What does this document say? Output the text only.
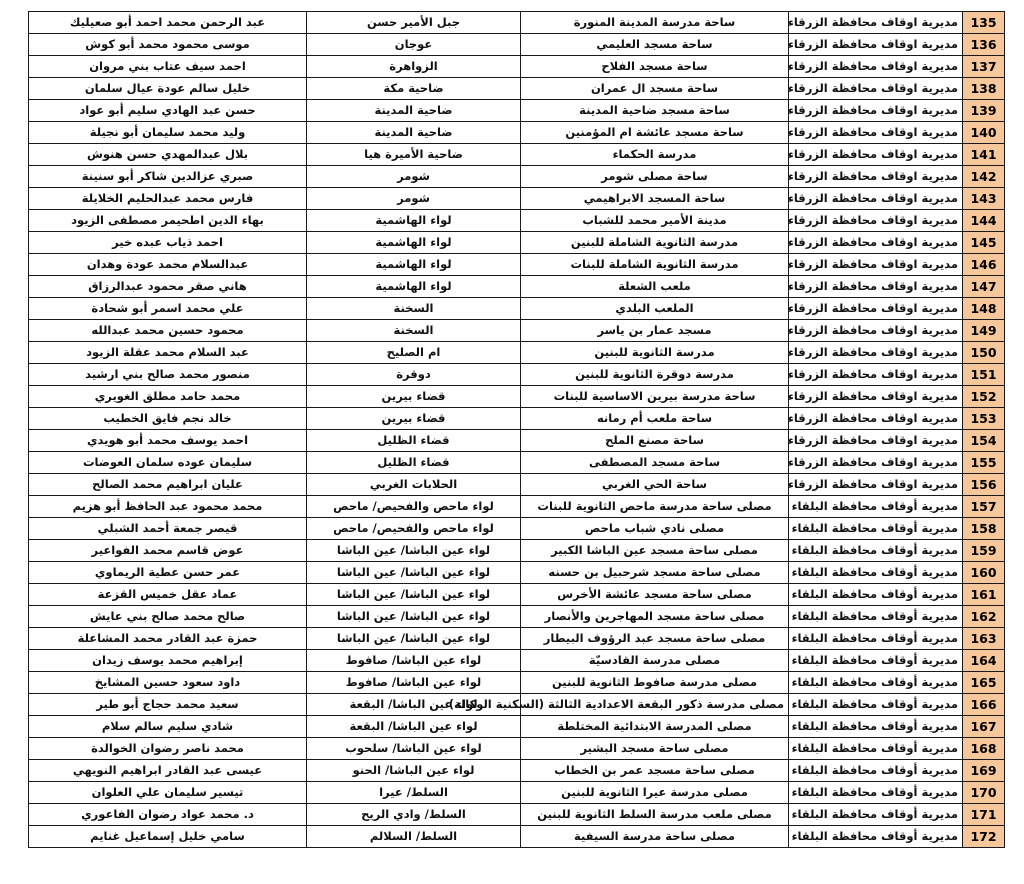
135	مديرية اوقاف محافظة الزرقاء	ساحة مدرسة المدينة المنورة	جبل الأمير حسن	عبد الرحمن محمد احمد أبو صعيليك
136	مديرية اوقاف محافظة الزرقاء	ساحة مسجد العليمي	عوجان	موسى محمود محمد أبو كوش
137	مديرية اوقاف محافظة الزرقاء	ساحة مسجد الفلاح	الزواهرة	احمد سيف عتاب بني مروان
138	مديرية اوقاف محافظة الزرقاء	ساحة مسجد ال عمران	ضاحية مكة	خليل سالم عودة عيال سلمان
139	مديرية اوقاف محافظة الزرقاء	ساحة مسجد ضاحية المدينة	ضاحية المدينة	حسن عبد الهادي سليم أبو عواد
140	مديرية اوقاف محافظة الزرقاء	ساحة مسجد عائشة ام المؤمنين	ضاحية المدينة	وليد محمد سليمان أبو نجيلة
141	مديرية اوقاف محافظة الزرقاء	مدرسة الحكماء	ضاحية الأميرة هيا	بلال عبدالمهدي حسن هنوش
142	مديرية اوقاف محافظة الزرقاء	ساحة مصلى شومر	شومر	صبري عزالدين شاكر أبو سنينة
143	مديرية اوقاف محافظة الزرقاء	ساحة المسجد الابراهيمي	شومر	فارس محمد عبدالحليم الخلايلة
144	مديرية اوقاف محافظة الزرقاء	مدينة الأمير محمد للشباب	لواء الهاشمية	بهاء الدين اطحيمر مصطفى الزيود
145	مديرية اوقاف محافظة الزرقاء	مدرسة الثانوية الشاملة للبنين	لواء الهاشمية	احمد ذياب عبده خير
146	مديرية اوقاف محافظة الزرقاء	مدرسة الثانوية الشاملة للبنات	لواء الهاشمية	عبدالسلام محمد عودة وهدان
147	مديرية اوقاف محافظة الزرقاء	ملعب الشعلة	لواء الهاشمية	هاني صقر محمود عبدالرزاق
148	مديرية اوقاف محافظة الزرقاء	الملعب البلدي	السخنة	علي محمد اسمر أبو شحادة
149	مديرية اوقاف محافظة الزرقاء	مسجد عمار بن ياسر	السخنة	محمود حسين محمد عبدالله
150	مديرية اوقاف محافظة الزرقاء	مدرسة الثانوية للبنين	ام الصليح	عبد السلام محمد عقلة الزيود
151	مديرية اوقاف محافظة الزرقاء	مدرسة دوقرة الثانوية للبنين	دوقرة	منصور محمد صالح بني ارشيد
152	مديرية اوقاف محافظة الزرقاء	ساحة مدرسة بيرين الاساسية للبنات	قضاء بيرين	محمد حامد مطلق الغويري
153	مديرية اوقاف محافظة الزرقاء	ساحة ملعب أم رمانه	قضاء بيرين	خالد نجم فايق الخطيب
154	مديرية اوقاف محافظة الزرقاء	ساحة مصنع الملح	قضاء الظليل	احمد يوسف محمد أبو هويدي
155	مديرية اوقاف محافظة الزرقاء	ساحة مسجد المصطفى	قضاء الظليل	سليمان عوده سلمان العوضات
156	مديرية اوقاف محافظة الزرقاء	ساحة الحي الغربي	الحلابات الغربي	عليان ابراهيم محمد الصالح
157	مديرية أوقاف محافظة البلقاء	مصلى ساحة مدرسة ماحص الثانوية للبنات	لواء ماحص والفحيص/ ماحص	محمد محمود عبد الحافظ أبو هزيم
158	مديرية أوقاف محافظة البلقاء	مصلى نادي شباب ماحص	لواء ماحص والفحيص/ ماحص	قيصر جمعة أحمد الشبلي
159	مديرية أوقاف محافظة البلقاء	مصلى ساحة مسجد عين الباشا الكبير	لواء عين الباشا/ عين الباشا	عوض قاسم محمد الفواعير
160	مديرية أوقاف محافظة البلقاء	مصلى ساحة مسجد شرحبيل بن حسنه	لواء عين الباشا/ عين الباشا	عمر حسن عطية الريماوي
161	مديرية أوقاف محافظة البلقاء	مصلى ساحة مسجد عائشة الأخرس	لواء عين الباشا/ عين الباشا	عماد عقل خميس القزعة
162	مديرية أوقاف محافظة البلقاء	مصلى ساحة مسجد المهاجرين والأنصار	لواء عين الباشا/ عين الباشا	صالح محمد صالح بني عايش
163	مديرية أوقاف محافظة البلقاء	مصلى ساحة مسجد عبد الرؤوف البيطار	لواء عين الباشا/ عين الباشا	حمزة عبد القادر محمد المشاعلة
164	مديرية أوقاف محافظة البلقاء	مصلى مدرسة القادسيّة	لواء عين الباشا/ صافوط	إبراهيم محمد يوسف زيدان
165	مديرية أوقاف محافظة البلقاء	مصلى مدرسة صافوط الثانوية للبنين	لواء عين الباشا/ صافوط	داود سعود حسين المشايخ
166	مديرية أوقاف محافظة البلقاء	مصلى مدرسة ذكور البقعة الاعدادية الثالثة (السكنية الوكالة)	لواء عين الباشا/ البقعة	سعيد محمد حجاج أبو طير
167	مديرية أوقاف محافظة البلقاء	مصلى المدرسة الابتدائية المختلطة	لواء عين الباشا/ البقعة	شادي سليم سالم سلام
168	مديرية أوقاف محافظة البلقاء	مصلى ساحة مسجد البشير	لواء عين الباشا/ سلحوب	محمد ناصر رضوان الخوالدة
169	مديرية أوقاف محافظة البلقاء	مصلى ساحة مسجد عمر بن الخطاب	لواء عين الباشا/ الحنو	عيسى عبد القادر ابراهيم النويهي
170	مديرية أوقاف محافظة البلقاء	مصلى مدرسة عيرا الثانوية للبنين	السلط/ عيرا	تيسير سليمان علي العلوان
171	مديرية أوقاف محافظة البلقاء	مصلى ملعب مدرسة السلط الثانوية للبنين	السلط/ وادي الريح	د. محمد عواد رضوان الفاعوري
172	مديرية أوقاف محافظة البلقاء	مصلى ساحة مدرسة السيفية	السلط/ السلالم	سامي خليل إسماعيل غنايم
